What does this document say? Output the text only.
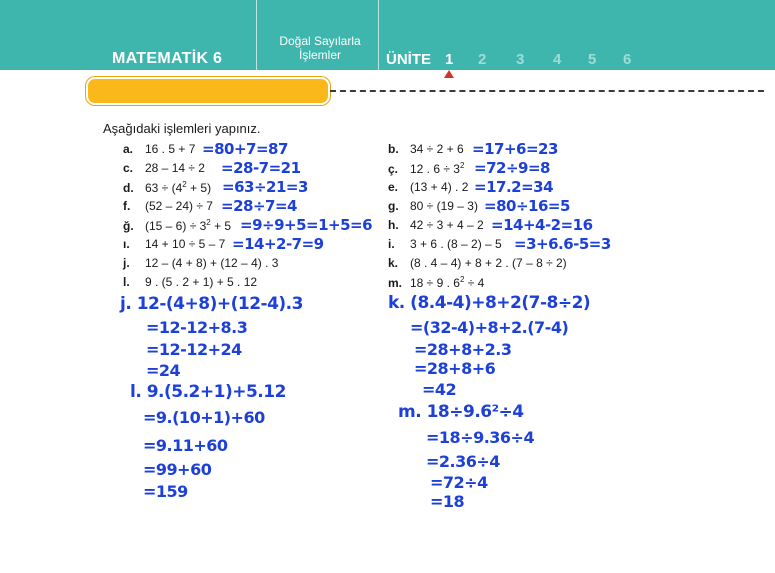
MATEMATİK 6
Doğal Sayılarla
İşlemler	ÜNİTE 1 2 3 4 5 6
Aşağıdaki işlemleri yapınız.
a. 16 . 5 + 7 =80+7=87
c. 28 – 14 ÷ 2 =28-7=21
d. $63 \div (4^2 + 5) =63\div 21=3$
f. (52 – 24) ÷ 7 =28÷7=4
ğ. $(15 - 6) \div 3^2 + 5 =9\div 9+5=1+5=6$
ı. 14 + 10 ÷ 5 – 7 =14+2-7=9
j. 12 – (4 + 8) + (12 – 4) . 3
l. 9 . (5 . 2 + 1) + 5 . 12
b. 34 ÷ 2 + 6 =17+6=23
ç. 12 . $6 \div 3^2 =72\div 9=8$
e. (13 + 4) . 2 =17.2=34
g. 80 ÷ (19 – 3) =80÷16=5
h. 42 ÷ 3 + 4 – 2 =14+4-2=16
i. 3 + 6 . (8 – 2) – 5 =3+6.6-5=3
k. (8 . 4 – 4) + 8 + 2 . (7 – 8 ÷ 2)
m. 18 ÷ 9 . $6^2 \div 4$
j. 12-(4+8)+(12-4).3
=12-12+8.3
=12-12+24
=24
l. 9.(5.2+1)+5.12
=9.(10+1)+60
=9.11+60
=99+60
=159
k. (8.4-4)+8+2(7-8÷2)
=(32-4)+8+2.(7-4)
=28+8+2.3
=28+8+6
=42
m. 18÷9.6²÷4
=18÷9.36÷4
=2.36÷4
=72÷4
=18
